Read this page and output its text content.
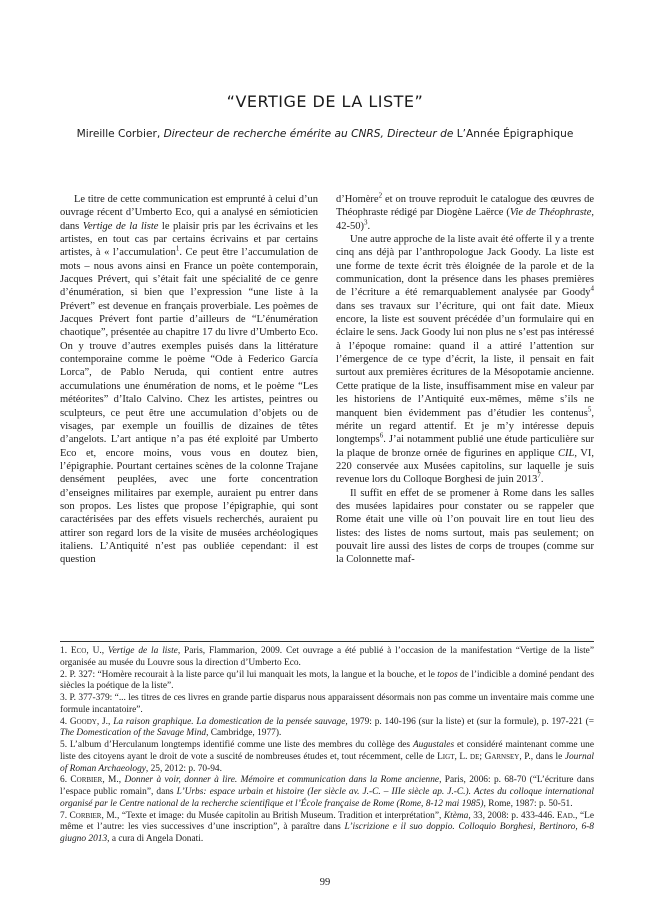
“VERTIGE DE LA LISTE”

Mireille Corbier, Directeur de recherche émérite au CNRS, Directeur de L’Année Épigraphique

Le titre de cette communication est emprunté à celui d’un ouvrage récent d’Umberto Eco, qui a analysé en sémioticien dans Vertige de la liste le plaisir pris par les écrivains et les artistes, en tout cas par certains écrivains et par certains artistes, à « l’accumulation$^1$. Ce peut être l’accumulation de mots – nous avons ainsi en France un poète contemporain, Jacques Prévert, qui s’était fait une spécialité de ce genre d’énumération, si bien que l’expression “une liste à la Prévert” est devenue en français proverbiale. Les poèmes de Jacques Prévert font partie d’ailleurs de “L’énumération chaotique”, présentée au chapitre 17 du livre d’Umberto Eco. On y trouve d’autres exemples puisés dans la littérature contemporaine comme le poème “Ode à Federico García Lorca”, de Pablo Neruda, qui contient entre autres accumulations une énumération de noms, et le poème “Les météorites” d’Italo Calvino. Chez les artistes, peintres ou sculpteurs, ce peut être une accumulation d’objets ou de visages, par exemple un fouillis de dizaines de têtes d’angelots. L’art antique n’a pas été exploité par Umberto Eco et, encore moins, vous vous en doutez bien, l’épigraphie. Pourtant certaines scènes de la colonne Trajane densément peuplées, avec une forte concentration d’enseignes militaires par exemple, auraient pu entrer dans son propos. Les listes que propose l’épigraphie, qui sont caractérisées par des effets visuels recherchés, auraient pu attirer son regard lors de la visite de musées archéologiques italiens. L’Antiquité n’est pas oubliée cependant: il est question

d’Homère$^2$ et on trouve reproduit le catalogue des œuvres de Théophraste rédigé par Diogène Laërce (Vie de Théophraste, 42-50)$^3$.

Une autre approche de la liste avait été offerte il y a trente cinq ans déjà par l’anthropologue Jack Goody. La liste est une forme de texte écrit très éloignée de la parole et de la communication, dont la présence dans les phases premières de l’écriture a été remarquablement analysée par Goody$^4$ dans ses travaux sur l’écriture, qui ont fait date. Mieux encore, la liste est souvent précédée d’un formulaire qui en éclaire le sens. Jack Goody lui non plus ne s’est pas intéressé à l’époque romaine: quand il a attiré l’attention sur l’émergence de ce type d’écrit, la liste, il pensait en fait surtout aux premières écritures de la Mésopotamie ancienne. Cette pratique de la liste, insuffisamment mise en valeur par les historiens de l’Antiquité eux-mêmes, même s’ils ne manquent bien évidemment pas d’étudier les contenus$^5$, mérite un regard attentif. Et je m’y intéresse depuis longtemps$^6$. J’ai notamment publié une étude particulière sur la plaque de bronze ornée de figurines en applique CIL, VI, 220 conservée aux Musées capitolins, sur laquelle je suis revenue lors du Colloque Borghesi de juin 2013$^7$.

Il suffit en effet de se promener à Rome dans les salles des musées lapidaires pour constater ou se rappeler que Rome était une ville où l’on pouvait lire en tout lieu des listes: des listes de noms surtout, mais pas seulement; on pouvait lire aussi des listes de corps de troupes (comme sur la Colonnette maf-

1. Eco, U., Vertige de la liste, Paris, Flammarion, 2009. Cet ouvrage a été publié à l’occasion de la manifestation “Vertige de la liste” organisée au musée du Louvre sous la direction d’Umberto Eco.

2. P. 327: “Homère recourait à la liste parce qu’il lui manquait les mots, la langue et la bouche, et le topos de l’indicible a dominé pendant des siècles la poétique de la liste”.

3. P. 377-379: “... les titres de ces livres en grande partie disparus nous apparaissent désormais non pas comme un inventaire mais comme une formule incantatoire”.

4. Goody, J., La raison graphique. La domestication de la pensée sauvage, 1979: p. 140-196 (sur la liste) et (sur la formule), p. 197-221 (= The Domestication of the Savage Mind, Cambridge, 1977).

5. L’album d’Herculanum longtemps identifié comme une liste des membres du collège des Augustales et considéré maintenant comme une liste des citoyens ayant le droit de vote a suscité de nombreuses études et, tout récemment, celle de Ligt, L. de; Garnsey, P., dans le Journal of Roman Archaeology, 25, 2012: p. 70-94.

6. Corbier, M., Donner à voir, donner à lire. Mémoire et communication dans la Rome ancienne, Paris, 2006: p. 68-70 (“L’écriture dans l’espace public romain”, dans L’Urbs: espace urbain et histoire (Ier siècle av. J.-C. – IIIe siècle ap. J.-C.). Actes du colloque international organisé par le Centre national de la recherche scientifique et l’École française de Rome (Rome, 8-12 mai 1985), Rome, 1987: p. 50-51.

7. Corbier, M., “Texte et image: du Musée capitolin au British Museum. Tradition et interprétation”, Ktèma, 33, 2008: p. 433-446. Ead., “Le même et l’autre: les vies successives d’une inscription”, à paraître dans L’iscrizione e il suo doppio. Colloquio Borghesi, Bertinoro, 6-8 giugno 2013, a cura di Angela Donati.

99
